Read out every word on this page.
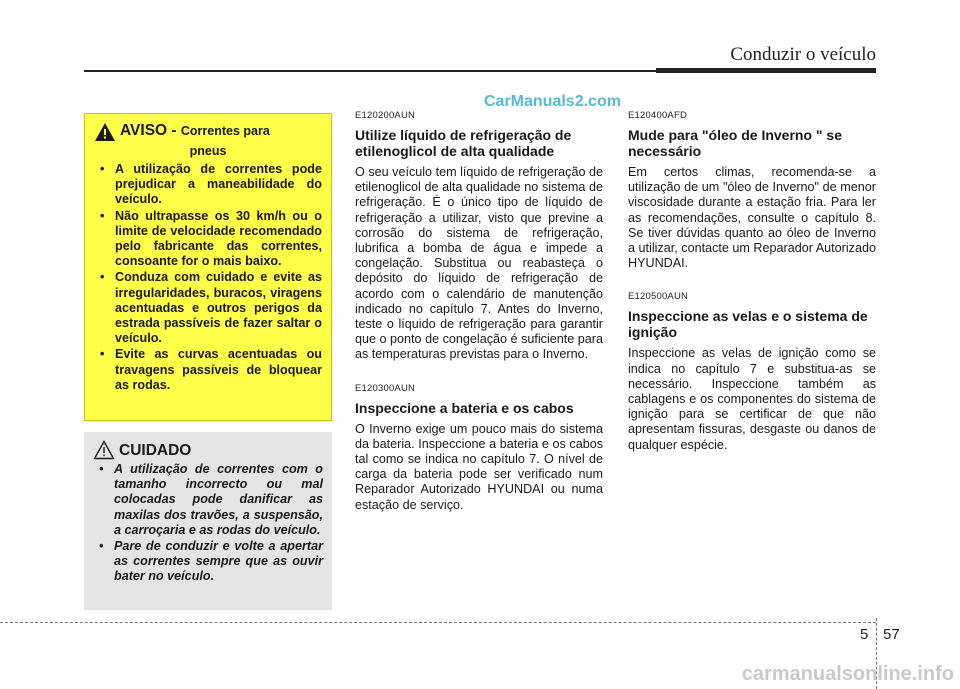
Conduzir o veículo
CarManuals2.com
AVISO - Correntes para
pneus
• A utilização de correntes pode prejudicar a maneabilidade do veículo.
• Não ultrapasse os 30 km/h ou o limite de velocidade recomendado pelo fabricante das correntes, consoante for o mais baixo.
• Conduza com cuidado e evite as irregularidades, buracos, viragens acentuadas e outros perigos da estrada passíveis de fazer saltar o veículo.
• Evite as curvas acentuadas ou travagens passíveis de bloquear as rodas.
CUIDADO
• A utilização de correntes com o tamanho incorrecto ou mal colocadas pode danificar as maxilas dos travões, a suspensão, a carroçaria e as rodas do veículo.
• Pare de conduzir e volte a apertar as correntes sempre que as ouvir bater no veículo.
E120200AUN
Utilize líquido de refrigeração de etilenoglicol de alta qualidade
O seu veículo tem líquido de refrigeração de etilenoglicol de alta qualidade no sistema de refrigeração. É o único tipo de líquido de refrigeração a utilizar, visto que previne a corrosão do sistema de refrigeração, lubrifica a bomba de água e impede a congelação. Substitua ou reabasteça o depósito do líquido de refrigeração de acordo com o calendário de manutenção indicado no capítulo 7. Antes do Inverno, teste o líquido de refrigeração para garantir que o ponto de congelação é suficiente para as temperaturas previstas para o Inverno.
E120300AUN
Inspeccione a bateria e os cabos
O Inverno exige um pouco mais do sistema da bateria. Inspeccione a bateria e os cabos tal como se indica no capítulo 7. O nível de carga da bateria pode ser verificado num Reparador Autorizado HYUNDAI ou numa estação de serviço.
E120400AFD
Mude para "óleo de Inverno " se necessário
Em certos climas, recomenda-se a utilização de um "óleo de Inverno" de menor viscosidade durante a estação fria. Para ler as recomendações, consulte o capítulo 8. Se tiver dúvidas quanto ao óleo de Inverno a utilizar, contacte um Reparador Autorizado HYUNDAI.
E120500AUN
Inspeccione as velas e o sistema de ignição
Inspeccione as velas de ignição como se indica no capítulo 7 e substitua-as se necessário. Inspeccione também as cablagens e os componentes do sistema de ignição para se certificar de que não apresentam fissuras, desgaste ou danos de qualquer espécie.
5 57
carmanualsonline.info
